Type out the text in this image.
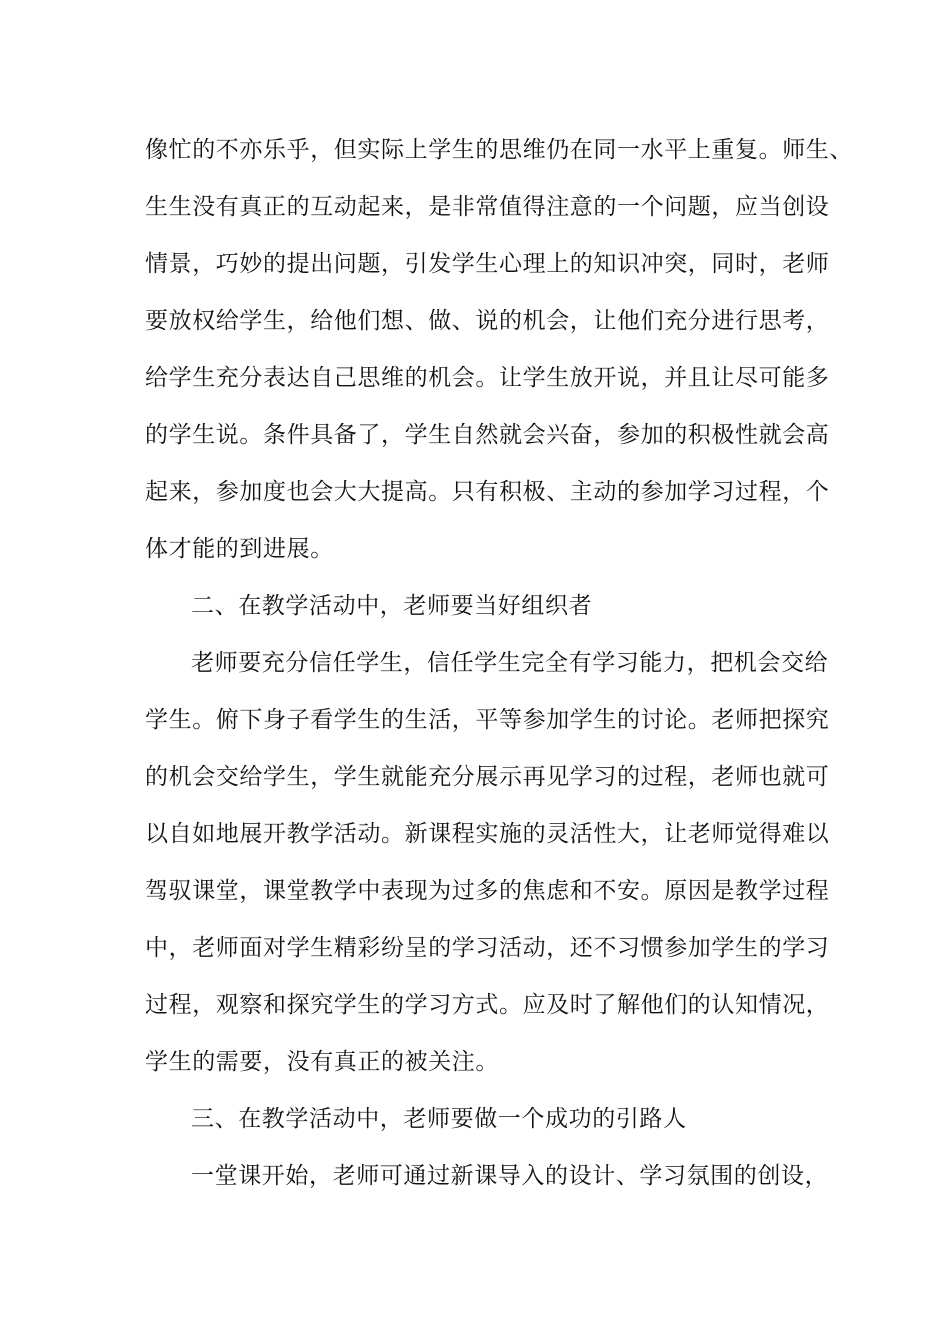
像忙的不亦乐乎，但实际上学生的思维仍在同一水平上重复。师生、
生生没有真正的互动起来，是非常值得注意的一个问题，应当创设
情景，巧妙的提出问题，引发学生心理上的知识冲突，同时，老师
要放权给学生，给他们想、做、说的机会，让他们充分进行思考，
给学生充分表达自己思维的机会。让学生放开说，并且让尽可能多
的学生说。条件具备了，学生自然就会兴奋，参加的积极性就会高
起来，参加度也会大大提高。只有积极、主动的参加学习过程，个
体才能的到进展。
二、在教学活动中，老师要当好组织者
老师要充分信任学生，信任学生完全有学习能力，把机会交给
学生。俯下身子看学生的生活，平等参加学生的讨论。老师把探究
的机会交给学生，学生就能充分展示再见学习的过程，老师也就可
以自如地展开教学活动。新课程实施的灵活性大，让老师觉得难以
驾驭课堂，课堂教学中表现为过多的焦虑和不安。原因是教学过程
中，老师面对学生精彩纷呈的学习活动，还不习惯参加学生的学习
过程，观察和探究学生的学习方式。应及时了解他们的认知情况，
学生的需要，没有真正的被关注。
三、在教学活动中，老师要做一个成功的引路人
一堂课开始，老师可通过新课导入的设计、学习氛围的创设，
